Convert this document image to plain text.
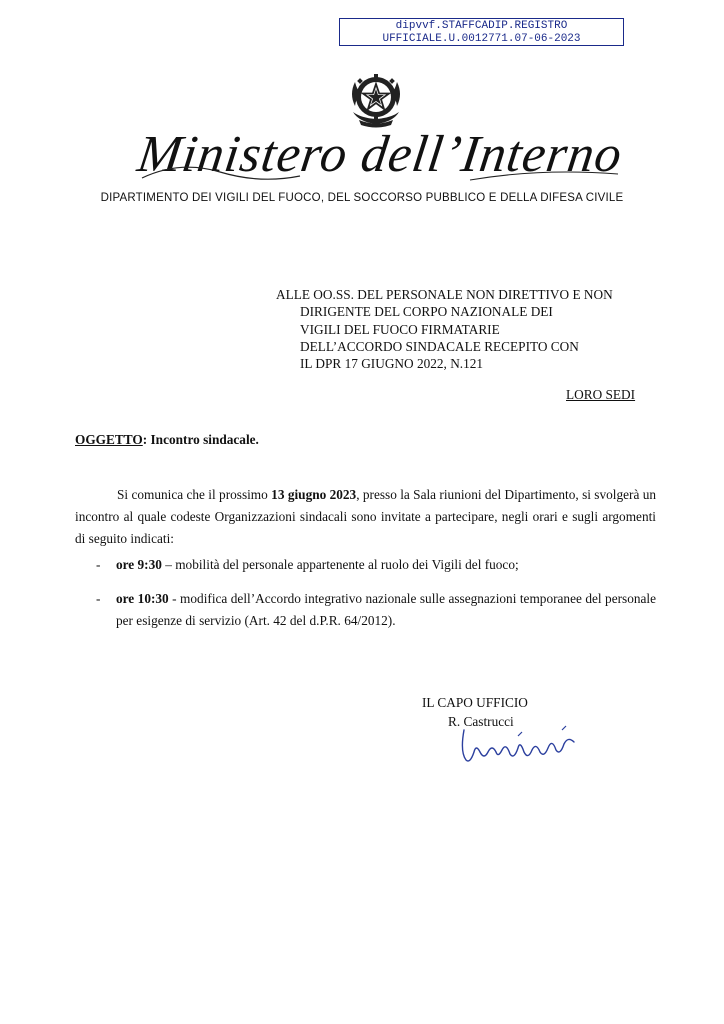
dipvvf.STAFFCADIP.REGISTRO
UFFICIALE.U.0012771.07-06-2023
Ministero dell’Interno
DIPARTIMENTO DEI VIGILI DEL FUOCO, DEL SOCCORSO PUBBLICO E DELLA DIFESA CIVILE
ALLE OO.SS. DEL PERSONALE NON DIRETTIVO E NON
DIRIGENTE DEL CORPO NAZIONALE DEI
VIGILI DEL FUOCO FIRMATARIE
DELL’ACCORDO SINDACALE RECEPITO CON
IL DPR 17 GIUGNO 2022, N.121
LORO SEDI
OGGETTO: Incontro sindacale.

Si comunica che il prossimo 13 giugno 2023, presso la Sala riunioni del Dipartimento, si svolgerà un incontro al quale codeste Organizzazioni sindacali sono invitate a partecipare, negli orari e sugli argomenti di seguito indicati:

-	ore 9:30 – mobilità del personale appartenente al ruolo dei Vigili del fuoco;
-	ore 10:30 - modifica dell’Accordo integrativo nazionale sulle assegnazioni temporanee del personale per esigenze di servizio (Art. 42 del d.P.R. 64/2012).
IL CAPO UFFICIO
R. Castrucci
